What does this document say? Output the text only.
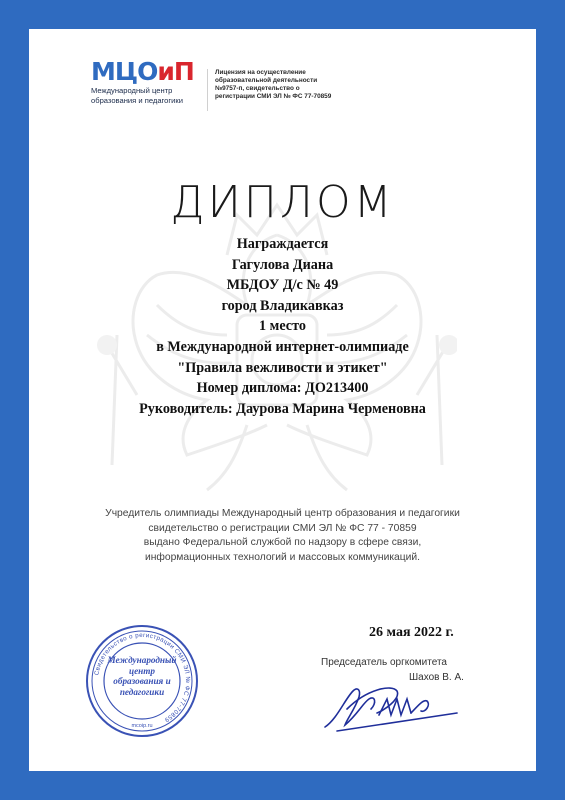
МЦОиП
Международный центр
образования и педагогики
Лицензия на осуществление образовательной деятельности №9757-п, свидетельство о регистрации СМИ ЭЛ № ФС 77-70859
ДИПЛОМ
Награждается
Гагулова Диана
МБДОУ Д/с № 49
город Владикавказ
1 место
в Международной интернет-олимпиаде
"Правила вежливости и этикет"
Номер диплома: ДО213400
Руководитель: Даурова Марина Черменовна
Учредитель олимпиады Международный центр образования и педагогики
свидетельство о регистрации СМИ ЭЛ № ФС 77 - 70859
выдано Федеральной службой по надзору в сфере связи,
информационных технологий и массовых коммуникаций.
26 мая 2022 г.
Председатель оргкомитета
Шахов В. А.
Свидетельство о регистрации СМИ ЭЛ № ФС 77-70859
mcoip.ru
Международный
центр
образования и
педагогики
